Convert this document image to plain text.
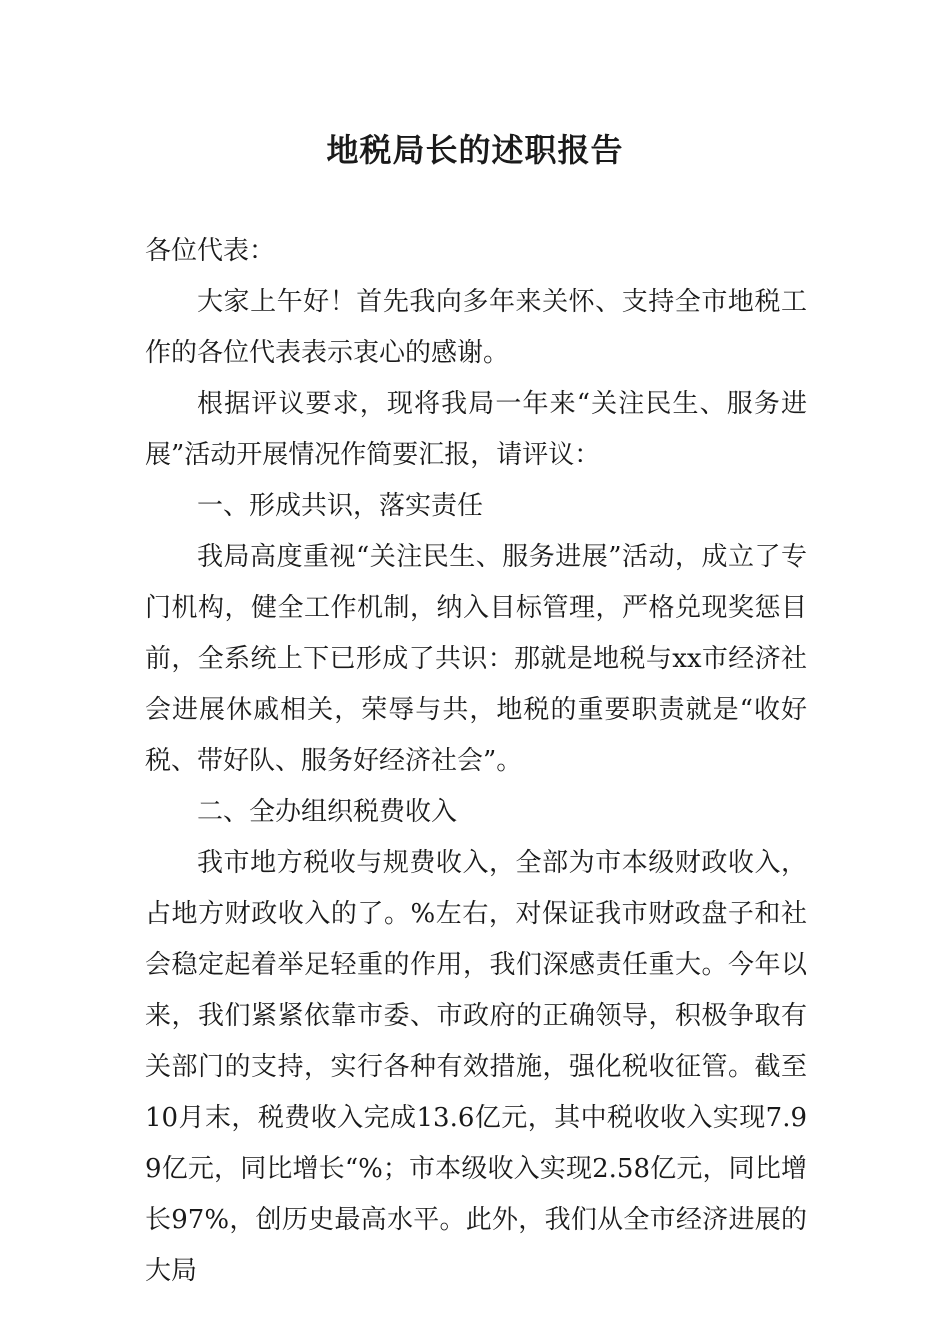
地税局长的述职报告

各位代表：

大家上午好！首先我向多年来关怀、支持全市地税工作的各位代表表示衷心的感谢。

根据评议要求，现将我局一年来“关注民生、服务进展”活动开展情况作简要汇报，请评议：

一、形成共识，落实责任

我局高度重视“关注民生、服务进展”活动，成立了专门机构，健全工作机制，纳入目标管理，严格兑现奖惩目前，全系统上下已形成了共识：那就是地税与xx市经济社会进展休戚相关，荣辱与共，地税的重要职责就是“收好税、带好队、服务好经济社会”。

二、全办组织税费收入

我市地方税收与规费收入，全部为市本级财政收入，占地方财政收入的了。%左右，对保证我市财政盘子和社会稳定起着举足轻重的作用，我们深感责任重大。今年以来，我们紧紧依靠市委、市政府的正确领导，积极争取有关部门的支持，实行各种有效措施，强化税收征管。截至10月末，税费收入完成13.6亿元，其中税收收入实现7.99亿元，同比增长“%；市本级收入实现2.58亿元，同比增长97%，创历史最高水平。此外，我们从全市经济进展的大局
